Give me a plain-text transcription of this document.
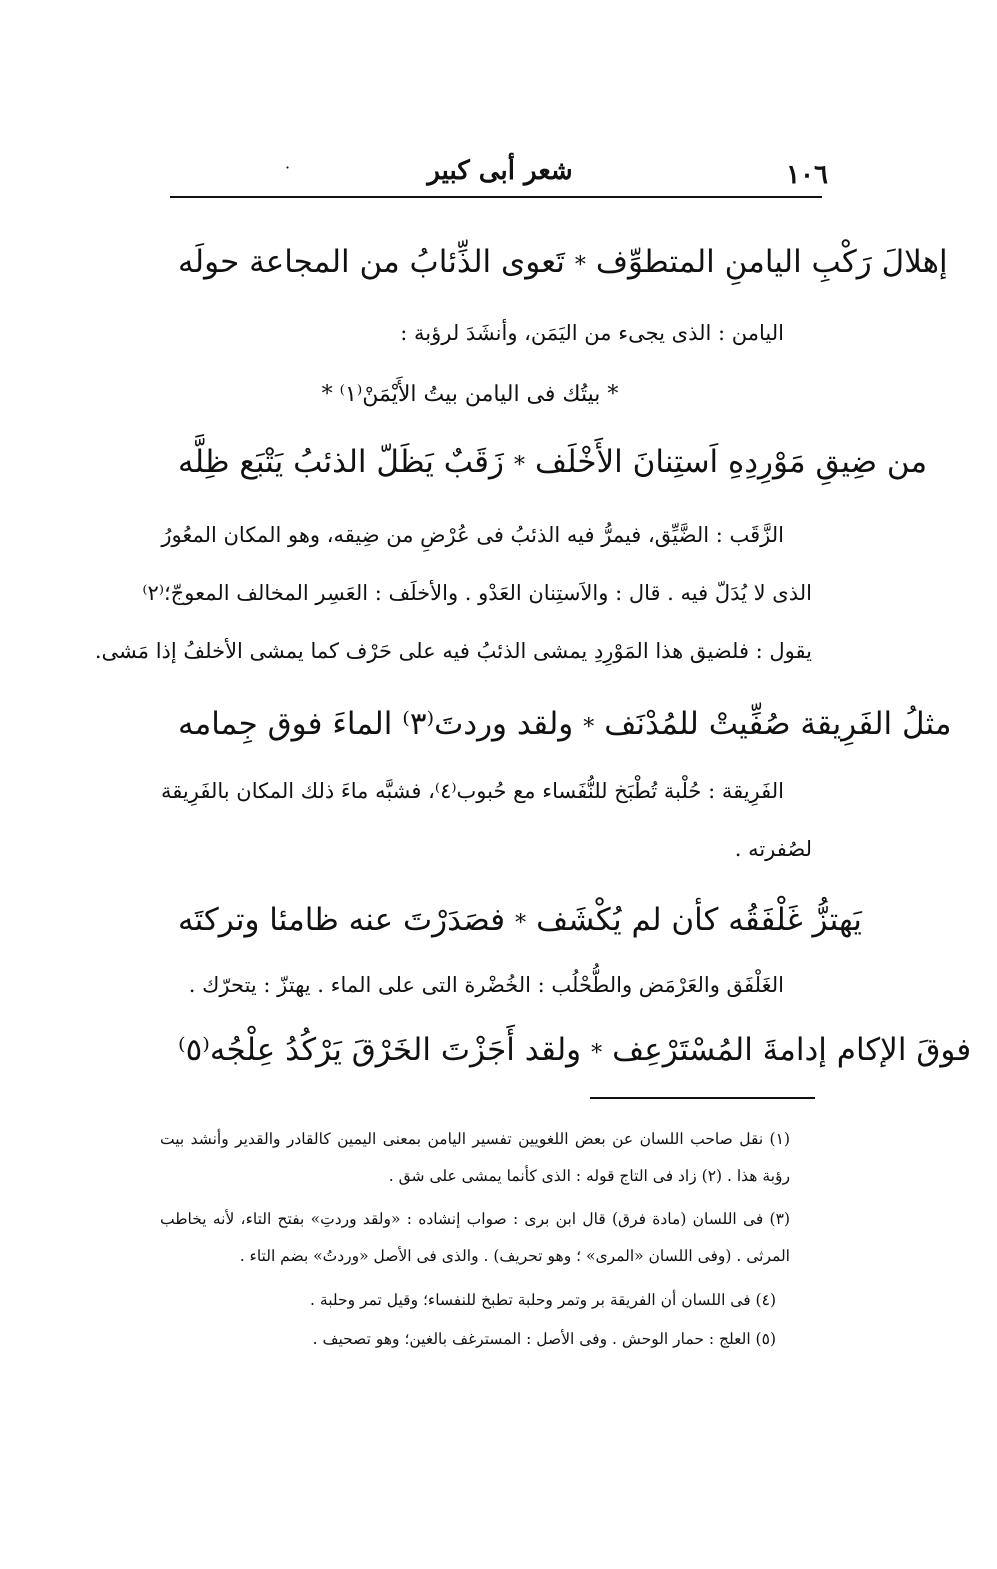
١٠٦
شعر أبى كبير
·
تَعوى الذِّئابُ من المجاعة حولَه * إهلالَ رَكْبِ اليامنِ المتطوِّف
اليامن : الذى يجىء من اليَمَن، وأنشَدَ لرؤبة :
* بيتُك فى اليامن بيتُ الأَيْمَنْ⁽١⁾ *
زَقَبٌ يَظَلّ الذئبُ يَتْبَع ظِلَّه * من ضِيقِ مَوْرِدِهِ اَستِنانَ الأَخْلَف
الزَّقَب : الضَّيِّق، فيمرُّ فيه الذئبُ فى عُرْضِ من ضِيقه، وهو المكان المعُورُ
الذى لا يُدَلّ فيه . قال : والاَستِنان العَدْو . والأخلَف : العَسِر المخالف المعوجّ؛⁽٢⁾
يقول : فلضيق هذا المَوْرِدِ يمشى الذئبُ فيه على حَرْف كما يمشى الأخلفُ إذا مَشى.
ولقد وردتَ⁽٣⁾ الماءَ فوق جِمامه * مثلُ الفَرِيقة صُفِّيتْ للمُدْنَف
الفَرِيقة : حُلْبة تُطْبَخ للنُّفَساء مع حُبوب⁽٤⁾، فشبَّه ماءَ ذلك المكان بالفَرِيقة
لصُفرته .
فصَدَرْتَ عنه ظامئا وتركتَه * يَهتزُّ غَلْفَقُه كأن لم يُكْشَف
الغَلْفَق والعَرْمَض والطُّحْلُب : الخُضْرة التى على الماء . يهتزّ : يتحرّك .
ولقد أَجَزْتَ الخَرْقَ يَرْكُدُ عِلْجُه⁽٥⁾ * فوقَ الإكام إدامةَ المُسْتَرْعِف
(١) نقل صاحب اللسان عن بعض اللغويين تفسير اليامن بمعنى اليمين كالقادر والقدير وأنشد بيت
رؤبة هذا . (٢) زاد فى التاج قوله : الذى كأنما يمشى على شق .
(٣) فى اللسان (مادة فرق) قال ابن برى : صواب إنشاده : «ولقد وردتِ» بفتح التاء، لأنه يخاطب
المرثى . (وفى اللسان «المرى» ؛ وهو تحريف) . والذى فى الأصل «وردتُ» بضم التاء .
(٤) فى اللسان أن الفريقة بر وتمر وحلبة تطبخ للنفساء؛ وقيل تمر وحلبة .
(٥) العلج : حمار الوحش . وفى الأصل : المسترغف بالغين؛ وهو تصحيف .
